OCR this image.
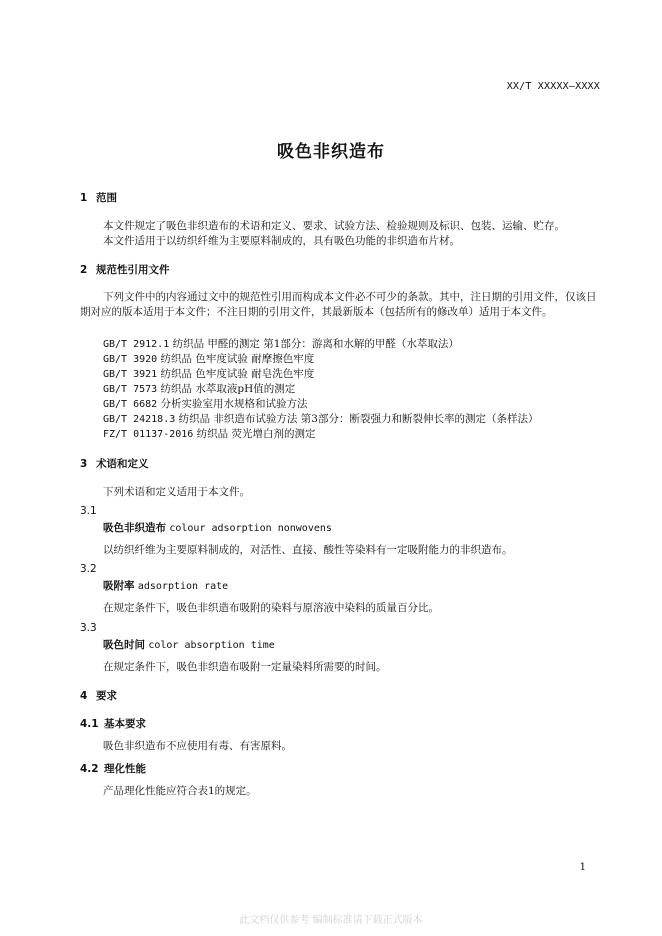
XX/T XXXXX—XXXX
吸色非织造布
1 范围
本文件规定了吸色非织造布的术语和定义、要求、试验方法、检验规则及标识、包装、运输、贮存。
本文件适用于以纺织纤维为主要原料制成的，具有吸色功能的非织造布片材。
2 规范性引用文件
下列文件中的内容通过文中的规范性引用而构成本文件必不可少的条款。其中，注日期的引用文件，仅该日期对应的版本适用于本文件；不注日期的引用文件，其最新版本（包括所有的修改单）适用于本文件。
GB/T 2912.1 纺织品 甲醛的测定 第1部分：游离和水解的甲醛（水萃取法）
GB/T 3920 纺织品 色牢度试验 耐摩擦色牢度
GB/T 3921 纺织品 色牢度试验 耐皂洗色牢度
GB/T 7573 纺织品 水萃取液pH值的测定
GB/T 6682 分析实验室用水规格和试验方法
GB/T 24218.3 纺织品 非织造布试验方法 第3部分：断裂强力和断裂伸长率的测定（条样法）
FZ/T 01137-2016 纺织品 荧光增白剂的测定
3 术语和定义
下列术语和定义适用于本文件。
3.1
吸色非织造布 colour adsorption nonwovens
以纺织纤维为主要原料制成的，对活性、直接、酸性等染料有一定吸附能力的非织造布。
3.2
吸附率 adsorption rate
在规定条件下，吸色非织造布吸附的染料与原溶液中染料的质量百分比。
3.3
吸色时间 color absorption time
在规定条件下，吸色非织造布吸附一定量染料所需要的时间。
4 要求
4.1 基本要求
吸色非织造布不应使用有毒、有害原料。
4.2 理化性能
产品理化性能应符合表1的规定。
1
此文档仅供参考 编制标准请下载正式版本
